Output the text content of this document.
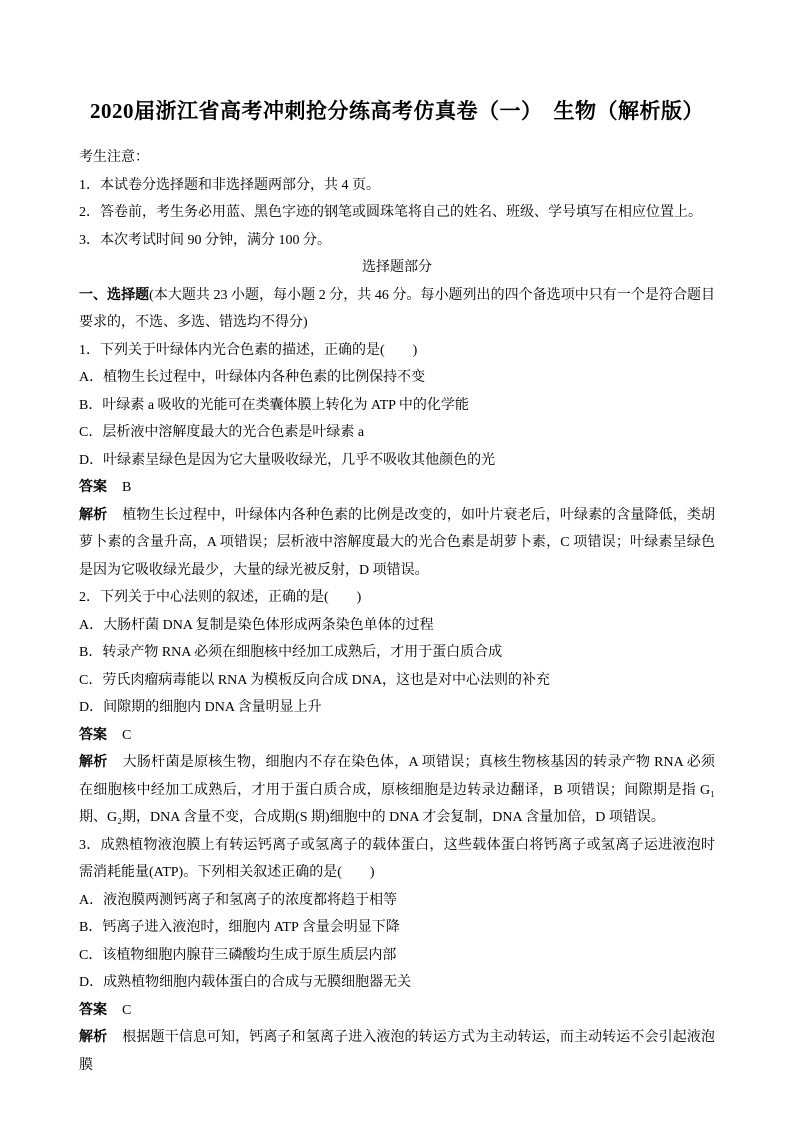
2020届浙江省高考冲刺抢分练高考仿真卷（一）　生物（解析版）

考生注意：

1．本试卷分选择题和非选择题两部分，共 4 页。

2．答卷前，考生务必用蓝、黑色字迹的钢笔或圆珠笔将自己的姓名、班级、学号填写在相应位置上。

3．本次考试时间 90 分钟，满分 100 分。

选择题部分

一、选择题(本大题共 23 小题，每小题 2 分，共 46 分。每小题列出的四个备选项中只有一个是符合题目要求的，不选、多选、错选均不得分)

1．下列关于叶绿体内光合色素的描述，正确的是(　　)

A．植物生长过程中，叶绿体内各种色素的比例保持不变

B．叶绿素 a 吸收的光能可在类囊体膜上转化为 ATP 中的化学能

C．层析液中溶解度最大的光合色素是叶绿素 a

D．叶绿素呈绿色是因为它大量吸收绿光，几乎不吸收其他颜色的光

答案 B

解析 植物生长过程中，叶绿体内各种色素的比例是改变的，如叶片衰老后，叶绿素的含量降低，类胡萝卜素的含量升高，A 项错误；层析液中溶解度最大的光合色素是胡萝卜素，C 项错误；叶绿素呈绿色是因为它吸收绿光最少，大量的绿光被反射，D 项错误。

2．下列关于中心法则的叙述，正确的是(　　)

A．大肠杆菌 DNA 复制是染色体形成两条染色单体的过程

B．转录产物 RNA 必须在细胞核中经加工成熟后，才用于蛋白质合成

C．劳氏肉瘤病毒能以 RNA 为模板反向合成 DNA，这也是对中心法则的补充

D．间隙期的细胞内 DNA 含量明显上升

答案 C

解析 大肠杆菌是原核生物，细胞内不存在染色体，A 项错误；真核生物核基因的转录产物 RNA 必须在细胞核中经加工成熟后，才用于蛋白质合成，原核细胞是边转录边翻译，B 项错误；间隙期是指 G₁期、G₂期，DNA 含量不变，合成期(S 期)细胞中的 DNA 才会复制，DNA 含量加倍，D 项错误。

3．成熟植物液泡膜上有转运钙离子或氢离子的载体蛋白，这些载体蛋白将钙离子或氢离子运进液泡时需消耗能量(ATP)。下列相关叙述正确的是(　　)

A．液泡膜两测钙离子和氢离子的浓度都将趋于相等

B．钙离子进入液泡时，细胞内 ATP 含量会明显下降

C．该植物细胞内腺苷三磷酸均生成于原生质层内部

D．成熟植物细胞内载体蛋白的合成与无膜细胞器无关

答案 C

解析 根据题干信息可知，钙离子和氢离子进入液泡的转运方式为主动转运，而主动转运不会引起液泡膜
